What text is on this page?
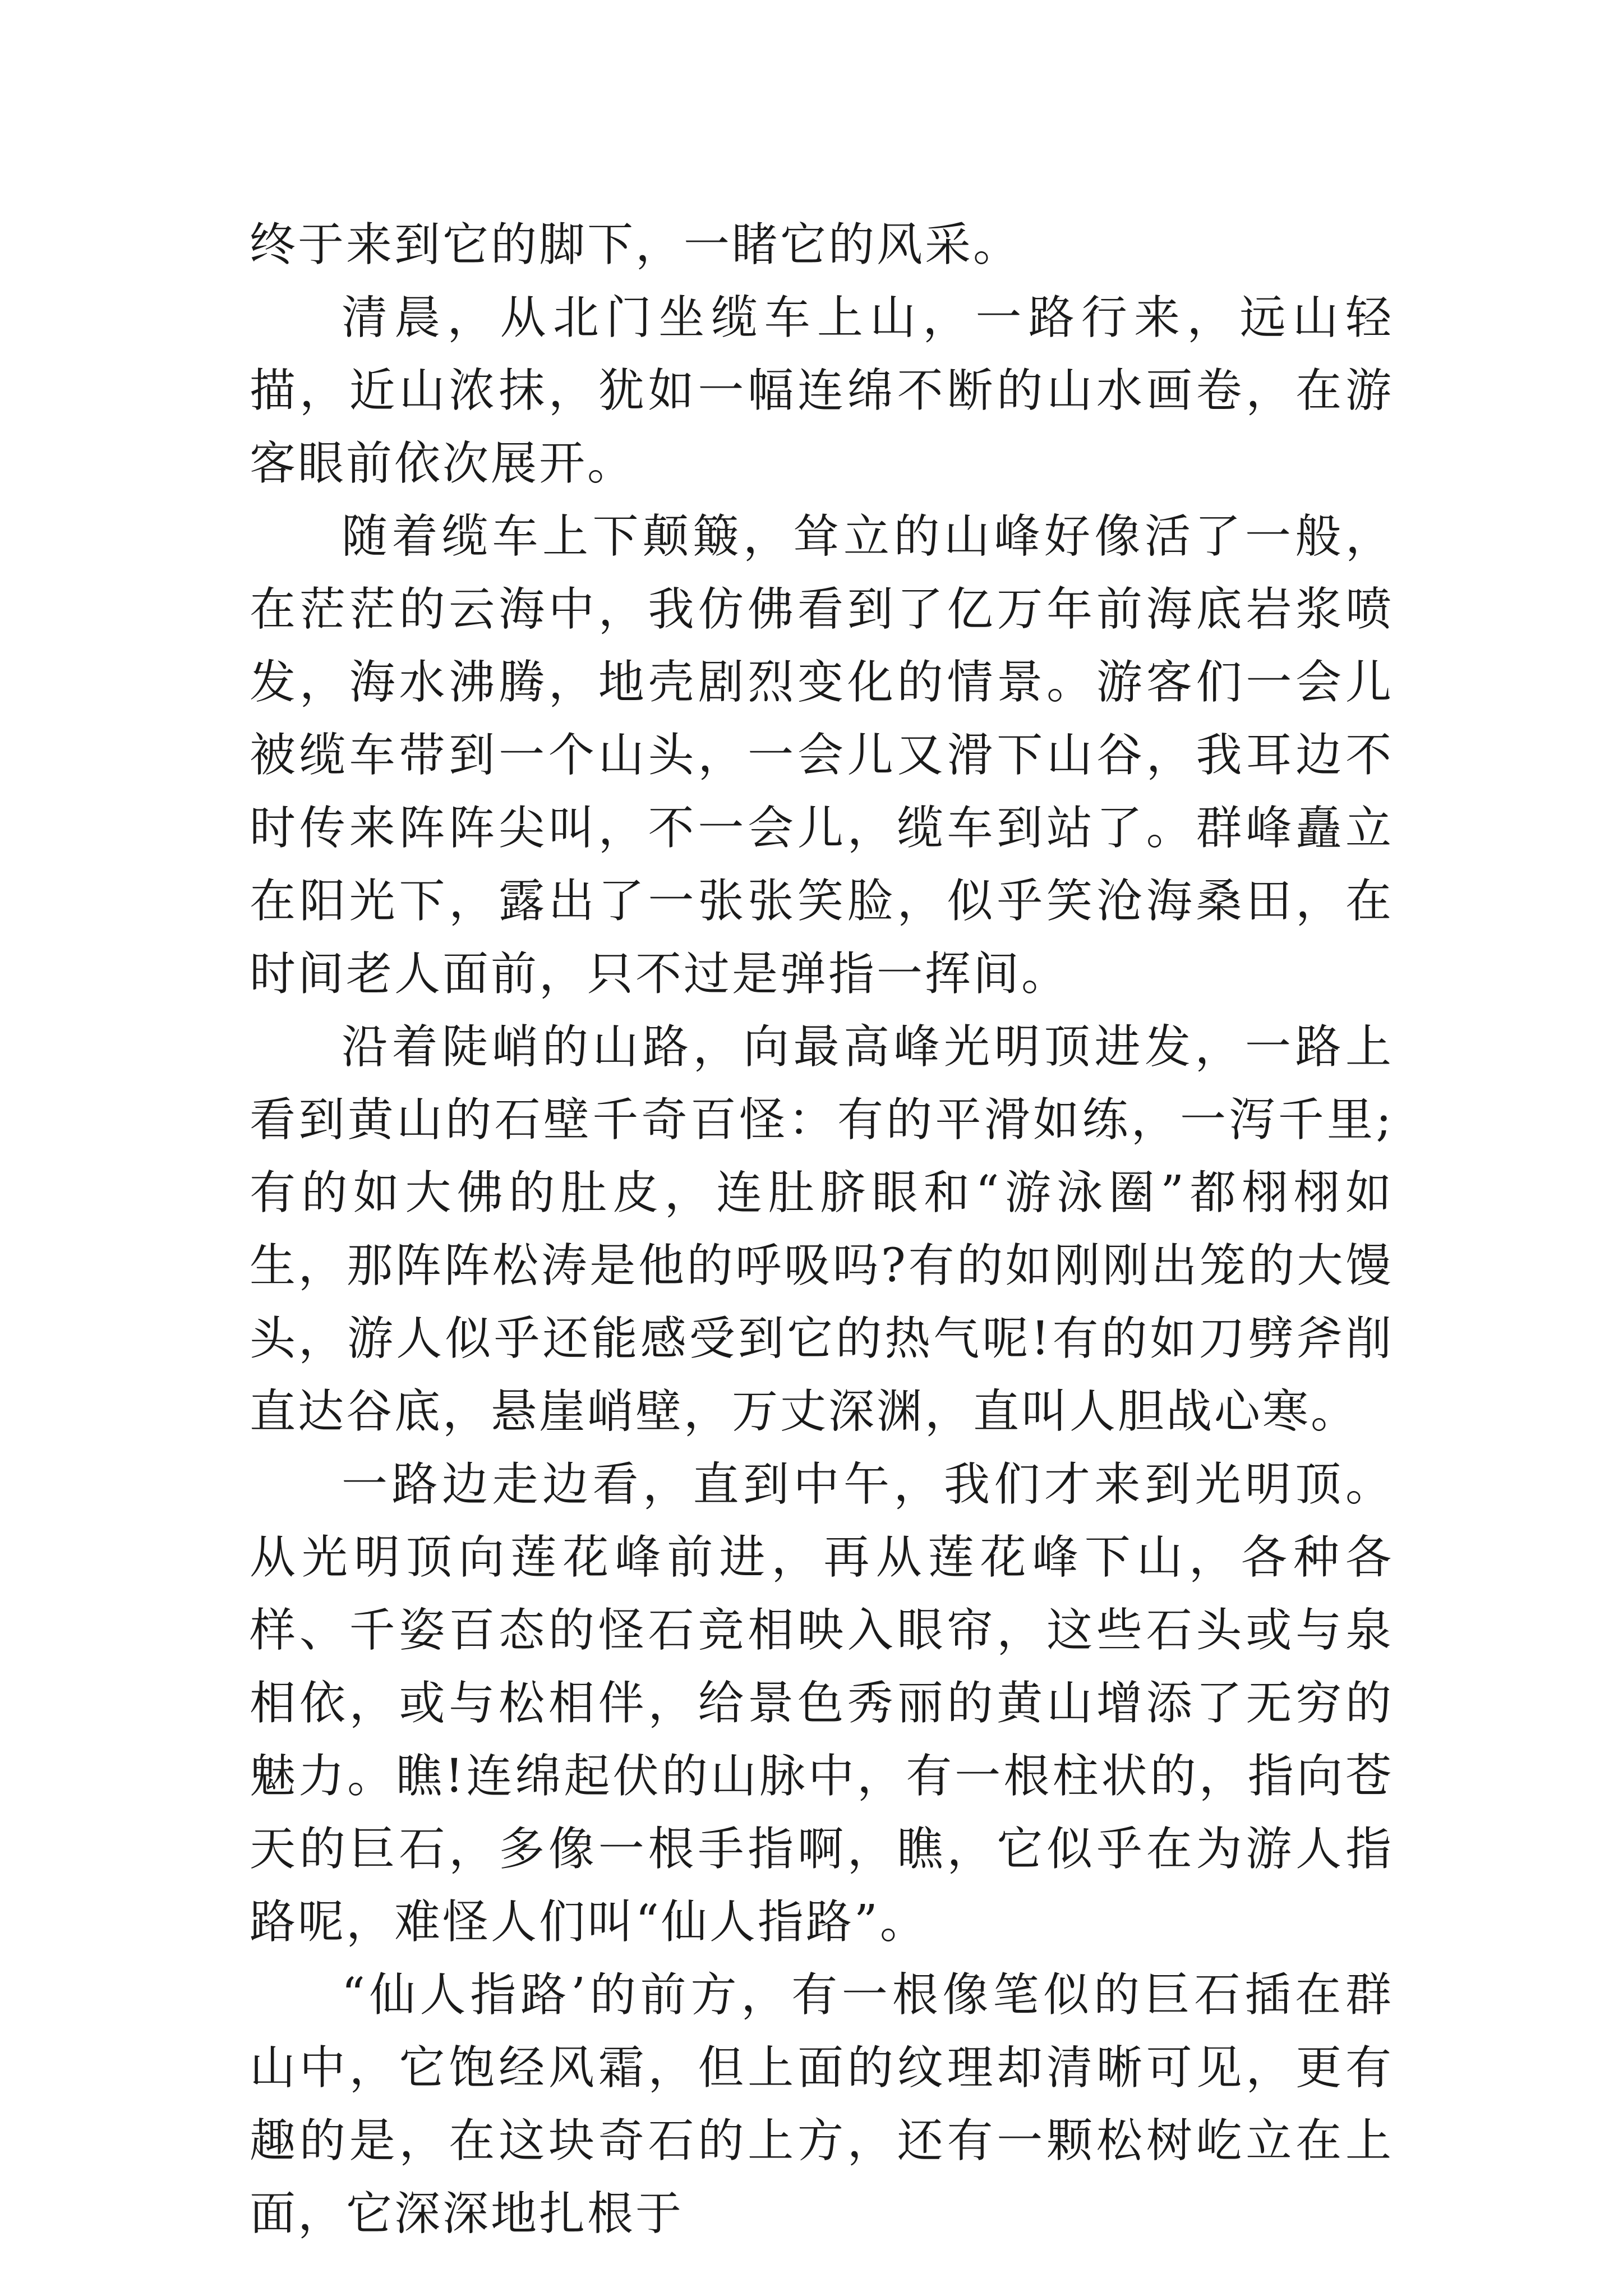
终于来到它的脚下，一睹它的风采。

清晨，从北门坐缆车上山，一路行来，远山轻描，近山浓抹，犹如一幅连绵不断的山水画卷，在游客眼前依次展开。

随着缆车上下颠簸，耸立的山峰好像活了一般，在茫茫的云海中，我仿佛看到了亿万年前海底岩浆喷发，海水沸腾，地壳剧烈变化的情景。游客们一会儿被缆车带到一个山头，一会儿又滑下山谷，我耳边不时传来阵阵尖叫，不一会儿，缆车到站了。群峰矗立在阳光下，露出了一张张笑脸，似乎笑沧海桑田，在时间老人面前，只不过是弹指一挥间。

沿着陡峭的山路，向最高峰光明顶进发，一路上看到黄山的石壁千奇百怪：有的平滑如练，一泻千里;有的如大佛的肚皮，连肚脐眼和“游泳圈”都栩栩如生，那阵阵松涛是他的呼吸吗?有的如刚刚出笼的大馒头，游人似乎还能感受到它的热气呢!有的如刀劈斧削直达谷底，悬崖峭壁，万丈深渊，直叫人胆战心寒。

一路边走边看，直到中午，我们才来到光明顶。从光明顶向莲花峰前进，再从莲花峰下山，各种各样、千姿百态的怪石竞相映入眼帘，这些石头或与泉相依，或与松相伴，给景色秀丽的黄山增添了无穷的魅力。瞧!连绵起伏的山脉中，有一根柱状的，指向苍天的巨石，多像一根手指啊，瞧，它似乎在为游人指路呢，难怪人们叫“仙人指路”。

“仙人指路’的前方，有一根像笔似的巨石插在群山中，它饱经风霜，但上面的纹理却清晰可见，更有趣的是，在这块奇石的上方，还有一颗松树屹立在上面，它深深地扎根于
